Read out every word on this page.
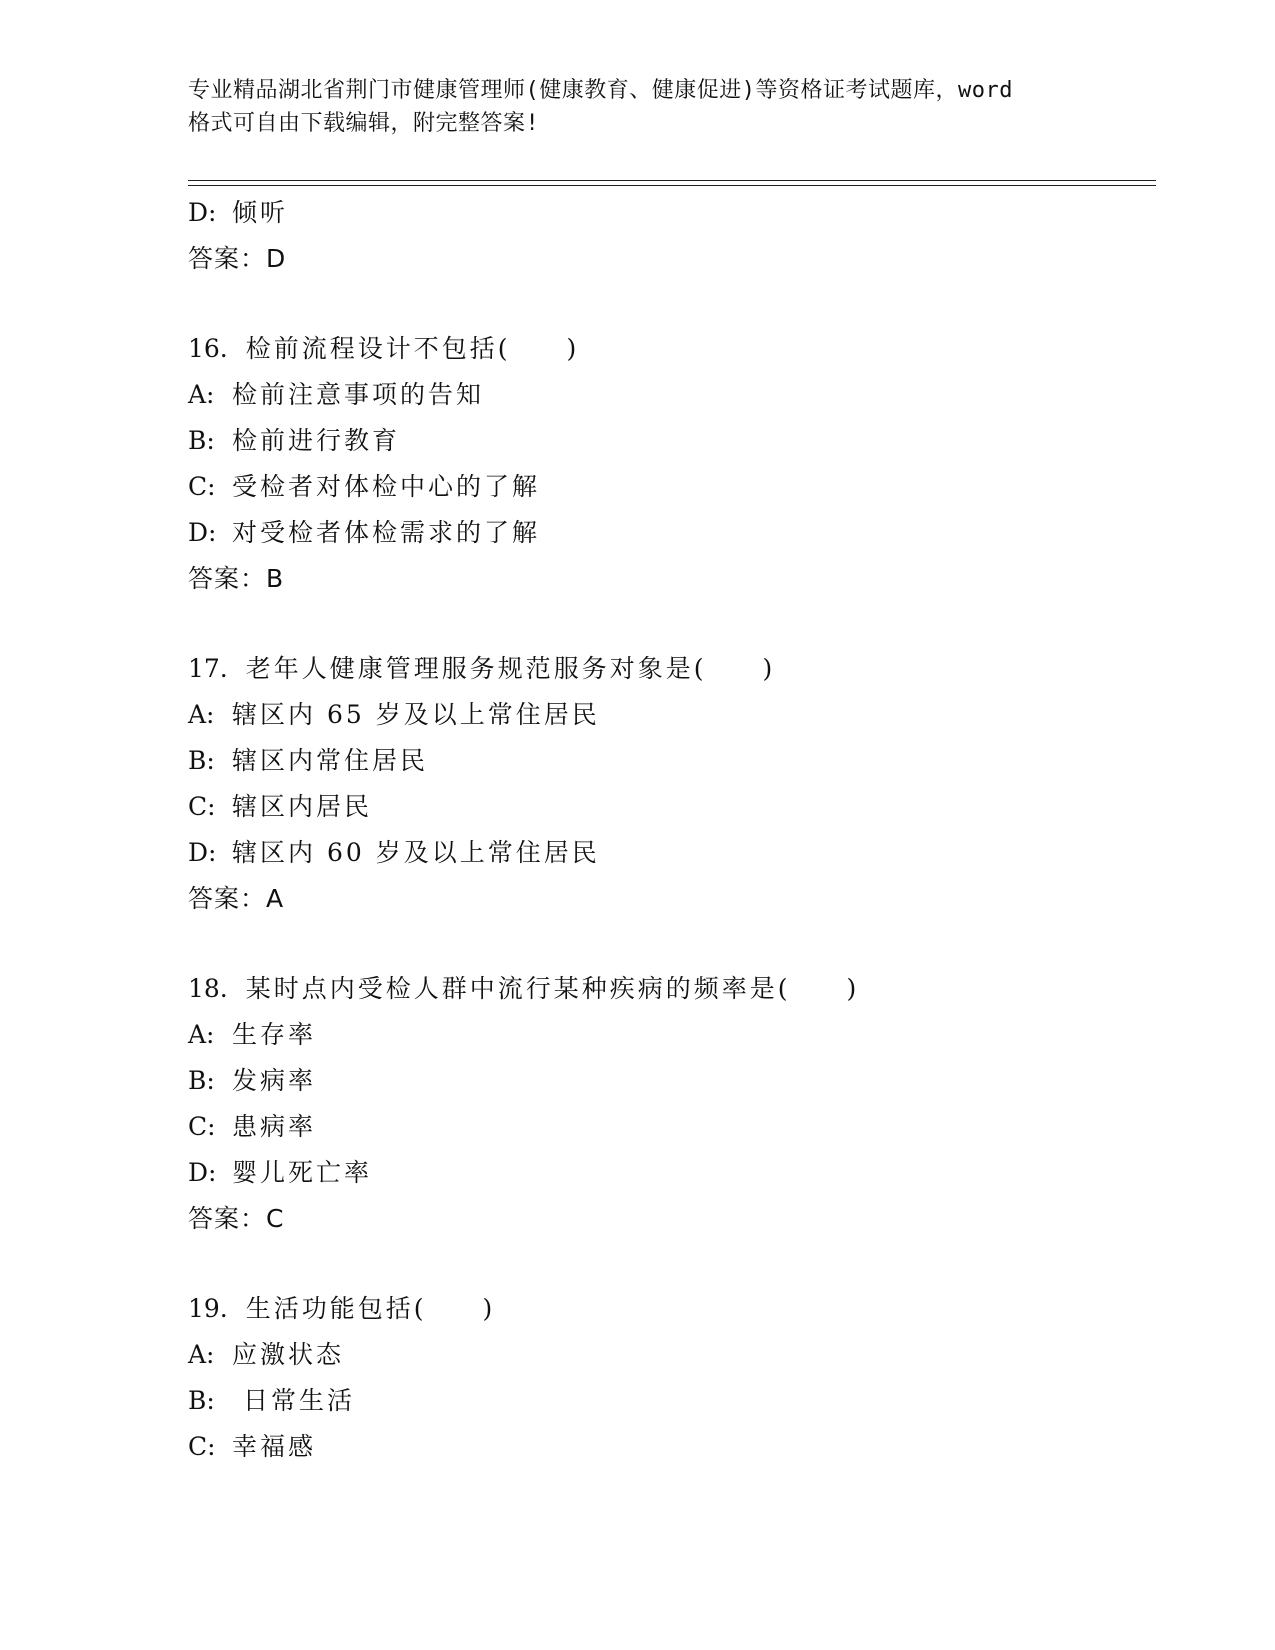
专业精品湖北省荆门市健康管理师(健康教育、健康促进)等资格证考试题库，word
格式可自由下载编辑，附完整答案!
D: 倾听
答案：D
16. 检前流程设计不包括(　　)
A: 检前注意事项的告知
B: 检前进行教育
C: 受检者对体检中心的了解
D: 对受检者体检需求的了解
答案：B
17. 老年人健康管理服务规范服务对象是(　　)
A: 辖区内 65 岁及以上常住居民
B: 辖区内常住居民
C: 辖区内居民
D: 辖区内 60 岁及以上常住居民
答案：A
18. 某时点内受检人群中流行某种疾病的频率是(　　)
A: 生存率
B: 发病率
C: 患病率
D: 婴儿死亡率
答案：C
19. 生活功能包括(　　)
A: 应激状态
B: 日常生活
C: 幸福感
